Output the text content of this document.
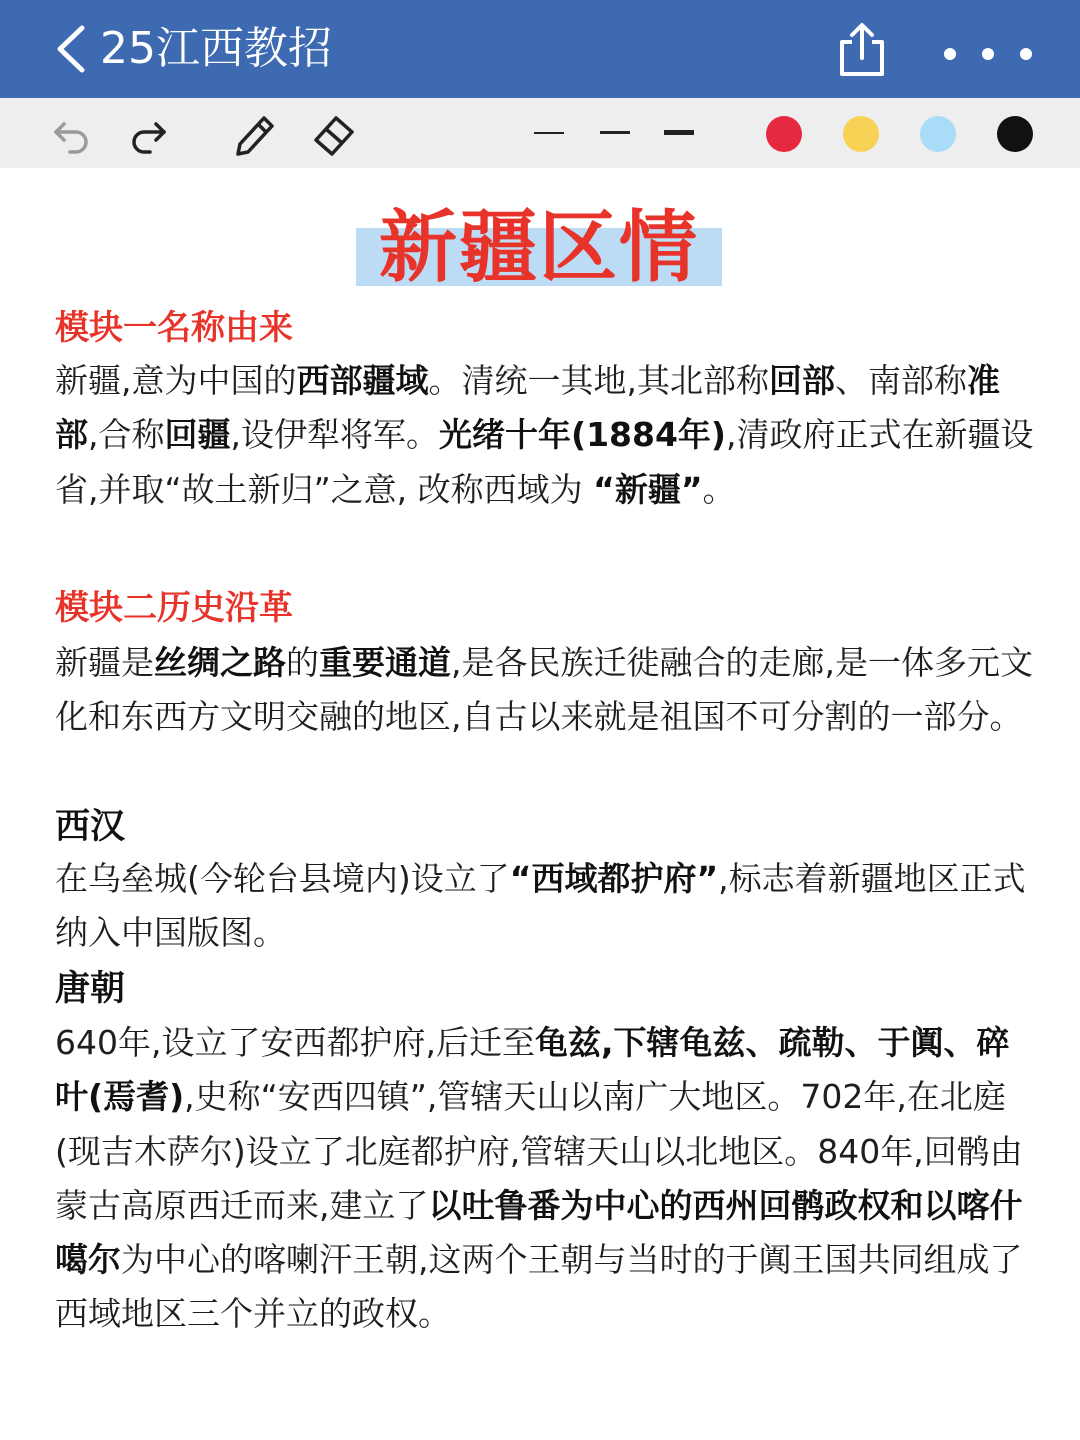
25江西教招
新疆区情
模块一名称由来
新疆,意为中国的西部疆域。清统一其地,其北部称回部、南部称准部,合称回疆,设伊犁将军。光绪十年(1884年),清政府正式在新疆设省,并取“故土新归”之意, 改称西域为 “新疆”。
模块二历史沿革
新疆是丝绸之路的重要通道,是各民族迁徙融合的走廊,是一体多元文化和东西方文明交融的地区,自古以来就是祖国不可分割的一部分。
西汉
在乌垒城(今轮台县境内)设立了“西域都护府”,标志着新疆地区正式纳入中国版图。
唐朝
640年,设立了安西都护府,后迁至龟兹,下辖龟兹、疏勒、于阗、碎 叶(焉耆),史称“安西四镇”,管辖天山以南广大地区。702年,在北庭(现吉木萨尔)设立了北庭都护府,管辖天山以北地区。840年,回鹘由蒙古高原西迁而来,建立了以吐鲁番为中心的西州回鹘政权和以喀什噶尔为中心的喀喇汗王朝,这两个王朝与当时的于阗王国共同组成了西域地区三个并立的政权。
